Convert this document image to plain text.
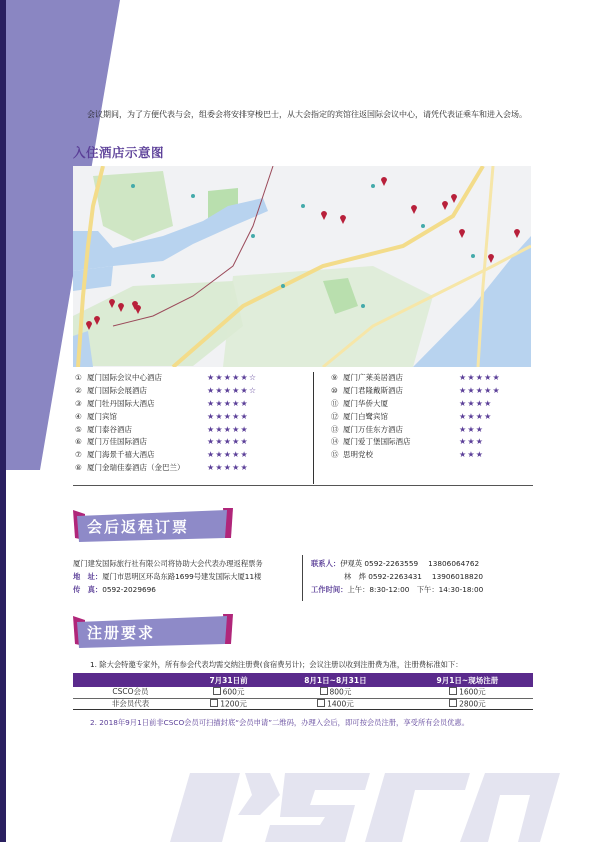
会议期间，为了方便代表与会，组委会将安排穿梭巴士，从大会指定的宾馆往返国际会议中心，请凭代表证乘车和进入会场。

入住酒店示意图
① 厦门国际会议中心酒店	★★★★★☆
② 厦门国际会展酒店	★★★★★☆
③ 厦门牡丹国际大酒店	★★★★★
④ 厦门宾馆	★★★★★
⑤ 厦门泰谷酒店	★★★★★
⑥ 厦门万佳国际酒店	★★★★★
⑦ 厦门海景千禧大酒店	★★★★★
⑧ 厦门金瑞佳泰酒店（金巴兰）	★★★★★
⑨ 厦门广莱美居酒店	★★★★★
⑩ 厦门君隆戴斯酒店	★★★★★
⑪ 厦门华侨大厦	★★★★
⑫ 厦门白鹭宾馆	★★★★
⑬ 厦门万佳东方酒店	★★★
⑭ 厦门爱丁堡国际酒店	★★★
⑮ 思明党校	★★★
会后返程订票
厦门建发国际旅行社有限公司将协助大会代表办理返程票务
地　址：厦门市思明区环岛东路1699号建发国际大厦11楼
传　真：0592-2029696
联系人：伊观英 0592-2263559 13806064762
林　烨 0592-2263431 13906018820
工作时间：上午：8:30-12:00　下午：14:30-18:00
注册要求
1. 除大会特邀专家外，所有参会代表均需交纳注册费(食宿费另计)；会议注册以收到注册费为准，注册费标准如下：
	7月31日前	8月1日~8月31日	9月1日~现场注册
CSCO会员	600元	800元	1600元
非会员代表	1200元	1400元	2800元
2. 2018年9月1日前非CSCO会员可扫描封底“会员申请”二维码，办理入会后，即可按会员注册，享受所有会员优惠。
